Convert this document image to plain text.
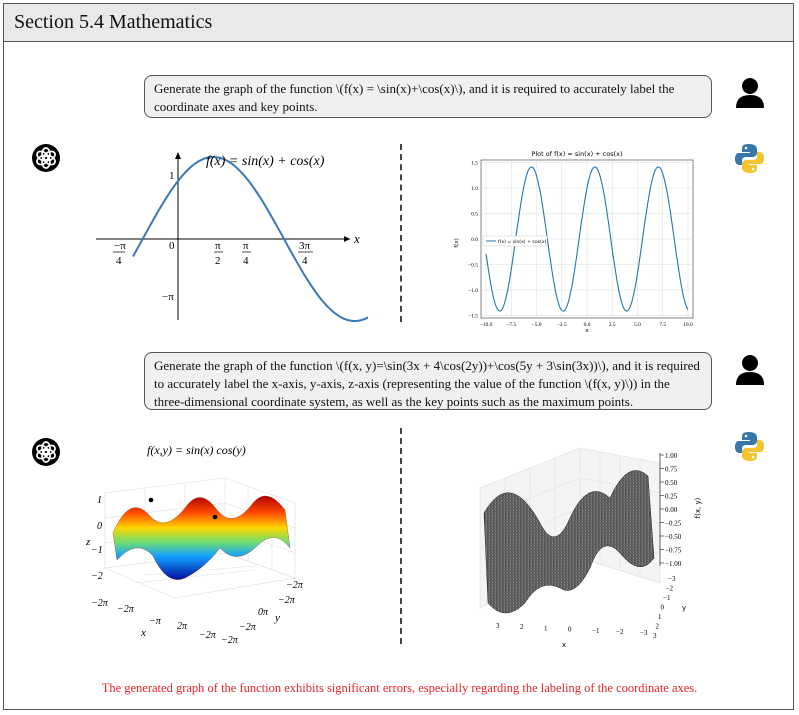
Section 5.4 Mathematics
Generate the graph of the function \(f(x) = \sin(x)+\cos(x)\), and it is required to accurately label the coordinate axes and key points.
f(x) = sin(x) + cos(x)
x
−π
4
0	π
2
π
4
3π
4
1
−π
Plot of f(x) = sin(x) + cos(x)
−10.0	−7.5	−5.0	−2.5	0.0	2.5	5.0	7.5	10.0
1.5
1.0
0.5
0.0
−0.5
−1.0
−1.5
x
f(x)	f(x) = sin(x) + cos(x)
Generate the graph of the function \(f(x, y)=\sin(3x + 4\cos(2y))+\cos(5y + 3\sin(3x))\), and it is required to accurately label the x-axis, y-axis, z-axis (representing the value of the function \(f(x, y)\)) in the three-dimensional coordinate system, as well as the key points such as the maximum points.
f(x,y) = sin(x) cos(y)
1
0
−1
−2
z
−2π
−2π
−π 2π
−2π
x
−2π
−2π
0π
−2π
−2π
y
1.00
0.75
0.50
0.25
0.00
−0.25
−0.50
−0.75
−1.00
f(x, y)
−3
−2
−1
0
1
2
3
y
3	2	1	0	−1 −2 −3
x
The generated graph of the function exhibits significant errors, especially regarding the labeling of the coordinate axes.
